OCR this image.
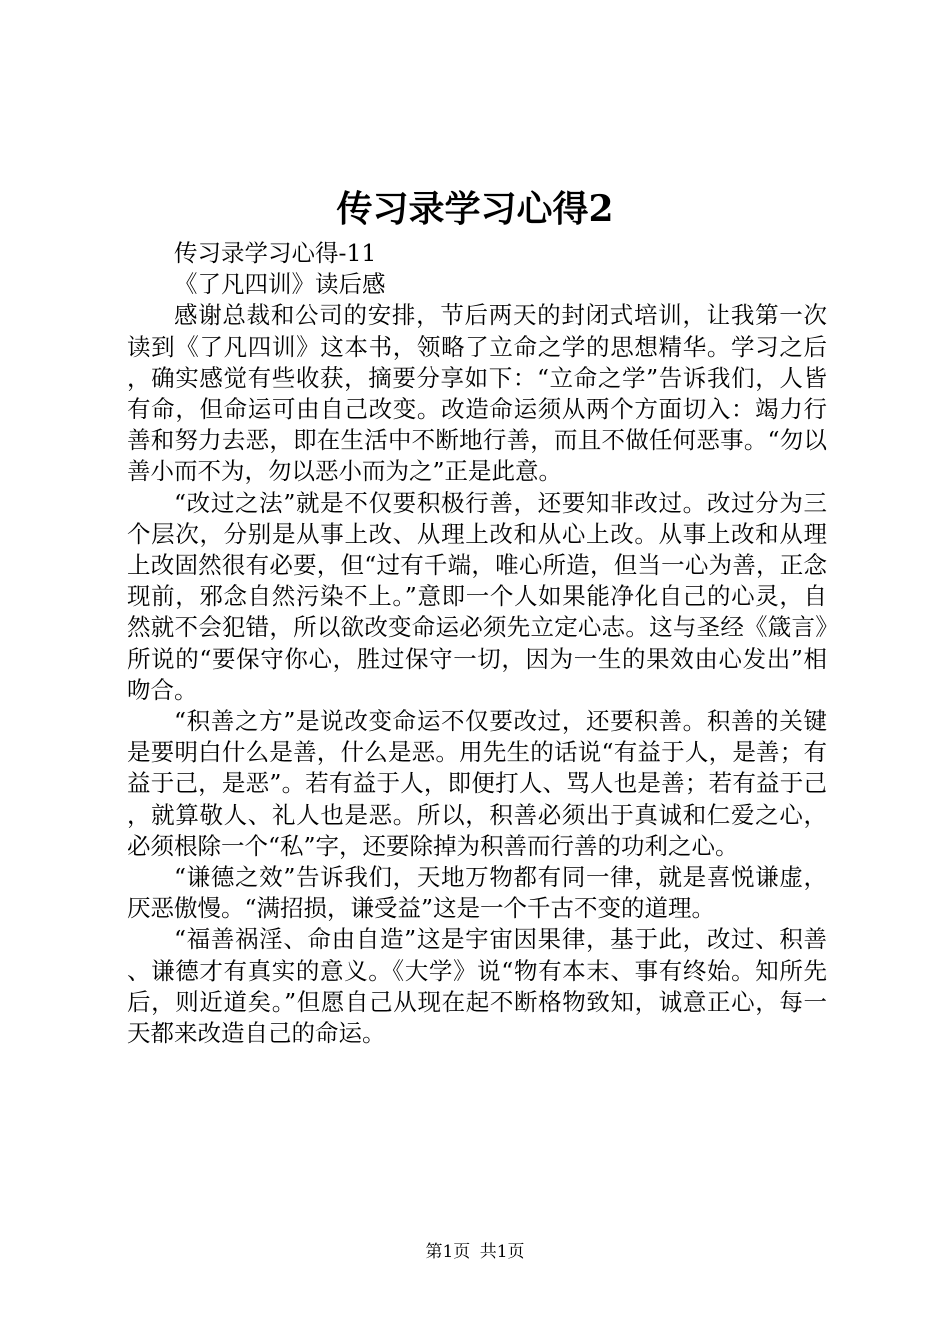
传习录学习心得2

传习录学习心得-11

《了凡四训》读后感

感谢总裁和公司的安排，节后两天的封闭式培训，让我第一次读到《了凡四训》这本书，领略了立命之学的思想精华。学习之后，确实感觉有些收获，摘要分享如下：“立命之学”告诉我们，人皆有命，但命运可由自己改变。改造命运须从两个方面切入：竭力行善和努力去恶，即在生活中不断地行善，而且不做任何恶事。“勿以善小而不为，勿以恶小而为之”正是此意。

“改过之法”就是不仅要积极行善，还要知非改过。改过分为三个层次，分别是从事上改、从理上改和从心上改。从事上改和从理上改固然很有必要，但“过有千端，唯心所造，但当一心为善，正念现前，邪念自然污染不上。”意即一个人如果能净化自己的心灵，自然就不会犯错，所以欲改变命运必须先立定心志。这与圣经《箴言》所说的“要保守你心，胜过保守一切，因为一生的果效由心发出”相吻合。

“积善之方”是说改变命运不仅要改过，还要积善。积善的关键是要明白什么是善，什么是恶。用先生的话说“有益于人，是善；有益于己，是恶”。若有益于人，即便打人、骂人也是善；若有益于己，就算敬人、礼人也是恶。所以，积善必须出于真诚和仁爱之心，必须根除一个“私”字，还要除掉为积善而行善的功利之心。

“谦德之效”告诉我们，天地万物都有同一律，就是喜悦谦虚，厌恶傲慢。“满招损，谦受益”这是一个千古不变的道理。

“福善祸淫、命由自造”这是宇宙因果律，基于此，改过、积善、谦德才有真实的意义。《大学》说“物有本末、事有终始。知所先后，则近道矣。”但愿自己从现在起不断格物致知，诚意正心，每一天都来改造自己的命运。

第1页 共1页
